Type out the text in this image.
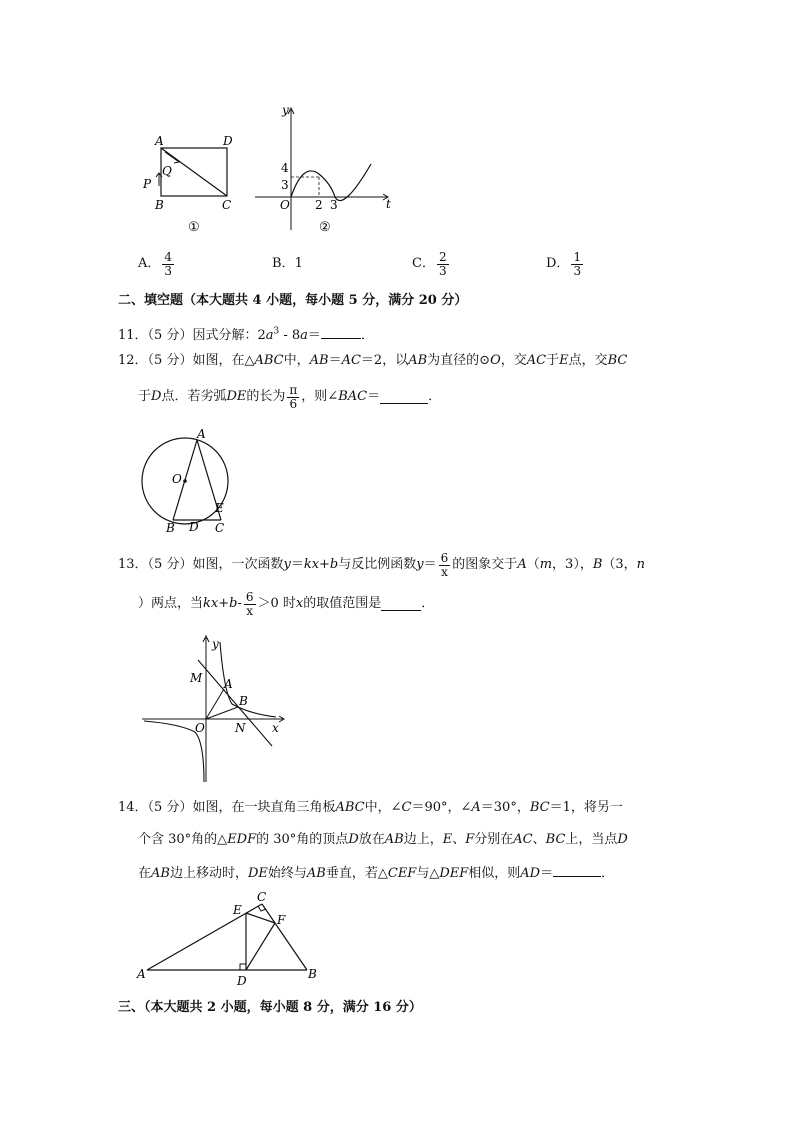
A	D
B	C
P
Q
①
4
3
O 2 3	t
y
②
A． $\frac{4}{3}$	B． 1	C． $\frac{2}{3}$	D． $\frac{1}{3}$
二、填空题（本大题共 4 小题，每小题 5 分，满分 20 分）
11．（5 分）因式分解：$2a^3 - 8a=$	．
12．（5 分）如图，在△ABC中，AB＝AC＝2，以AB为直径的⊙O，交AC于E点，交BC
于 D 点．若劣弧 DE 的长为 $\frac{\pi}{6}$ ，则∠ BAC ＝	．
A
O
E
B D C
13．（5 分）如图，一次函数 y ＝ kx+b 与反比例函数 $y = \frac{6}{x}$ 的图象交于 A （ m ，3）， B （3， n
）两点，当 $kx+b - \frac{6}{x} >0$ 时 x 的取值范围是	．
y
M A
B
O	N x
14．（5 分）如图，在一块直角三角板ABC中，∠C＝90°，∠A＝30°，BC＝1，将另一
个含 30°角的△EDF的 30°角的顶点D放在AB边上，E、F分别在AC、BC上，当点D
在AB边上移动时，DE始终与AB垂直，若△CEF与△DEF相似，则AD＝	．
C
E
F
A	D	B
三、（本大题共 2 小题，每小题 8 分，满分 16 分）
